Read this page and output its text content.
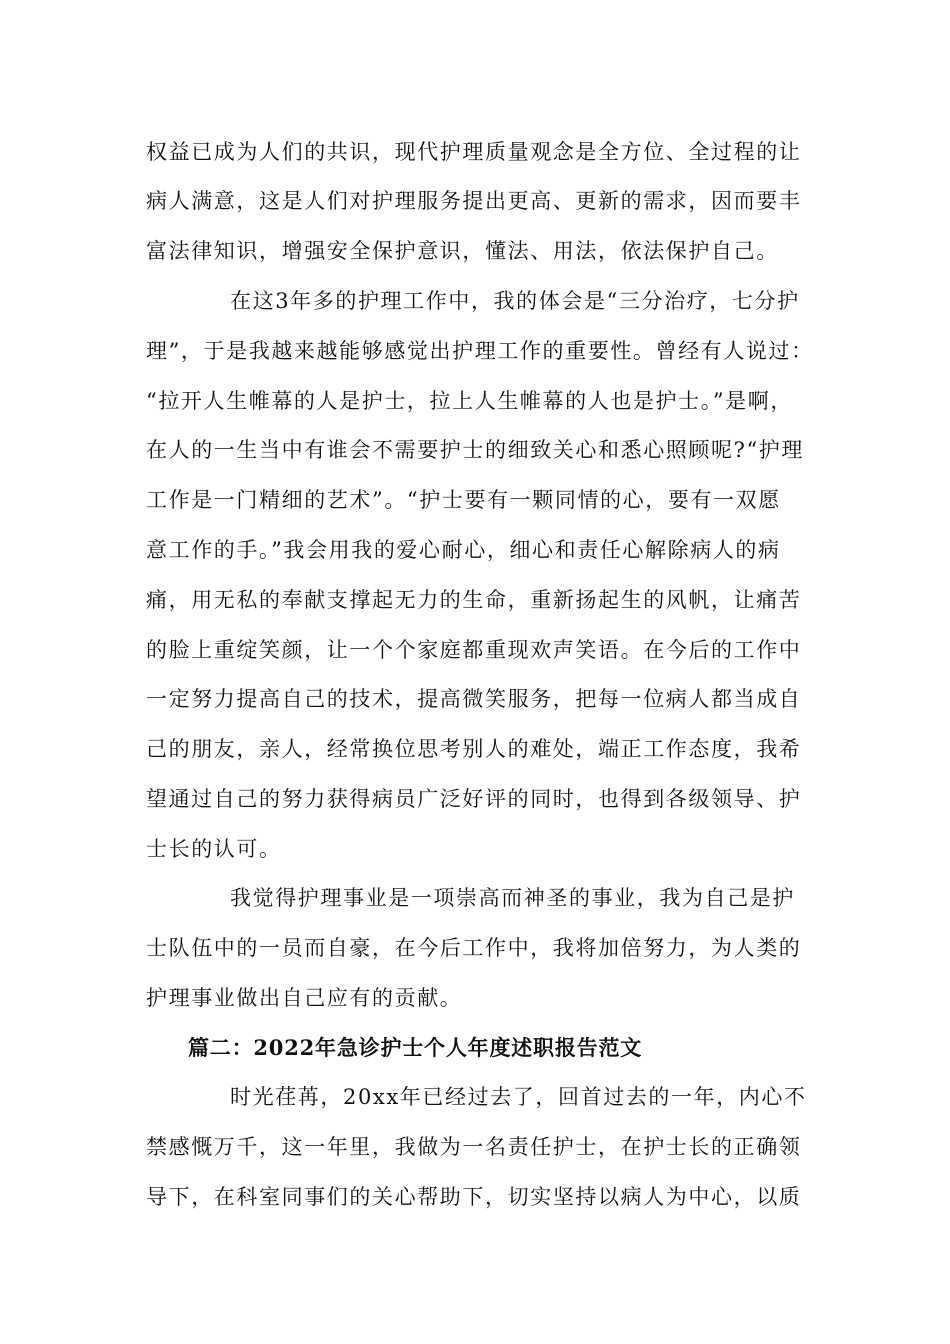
权益已成为人们的共识，现代护理质量观念是全方位、全过程的让
病人满意，这是人们对护理服务提出更高、更新的需求，因而要丰
富法律知识，增强安全保护意识，懂法、用法，依法保护自己。
在这3年多的护理工作中，我的体会是“三分治疗，七分护
理”，于是我越来越能够感觉出护理工作的重要性。曾经有人说过：
“拉开人生帷幕的人是护士，拉上人生帷幕的人也是护士。”是啊，
在人的一生当中有谁会不需要护士的细致关心和悉心照顾呢?“护理
工作是一门精细的艺术”。“护士要有一颗同情的心，要有一双愿
意工作的手。”我会用我的爱心耐心，细心和责任心解除病人的病
痛，用无私的奉献支撑起无力的生命，重新扬起生的风帆，让痛苦
的脸上重绽笑颜，让一个个家庭都重现欢声笑语。在今后的工作中
一定努力提高自己的技术，提高微笑服务，把每一位病人都当成自
己的朋友，亲人，经常换位思考别人的难处，端正工作态度，我希
望通过自己的努力获得病员广泛好评的同时，也得到各级领导、护
士长的认可。
我觉得护理事业是一项崇高而神圣的事业，我为自己是护
士队伍中的一员而自豪，在今后工作中，我将加倍努力，为人类的
护理事业做出自己应有的贡献。
篇二：2022年急诊护士个人年度述职报告范文
时光荏苒，20xx年已经过去了，回首过去的一年，内心不
禁感慨万千，这一年里，我做为一名责任护士，在护士长的正确领
导下，在科室同事们的关心帮助下，切实坚持以病人为中心，以质
